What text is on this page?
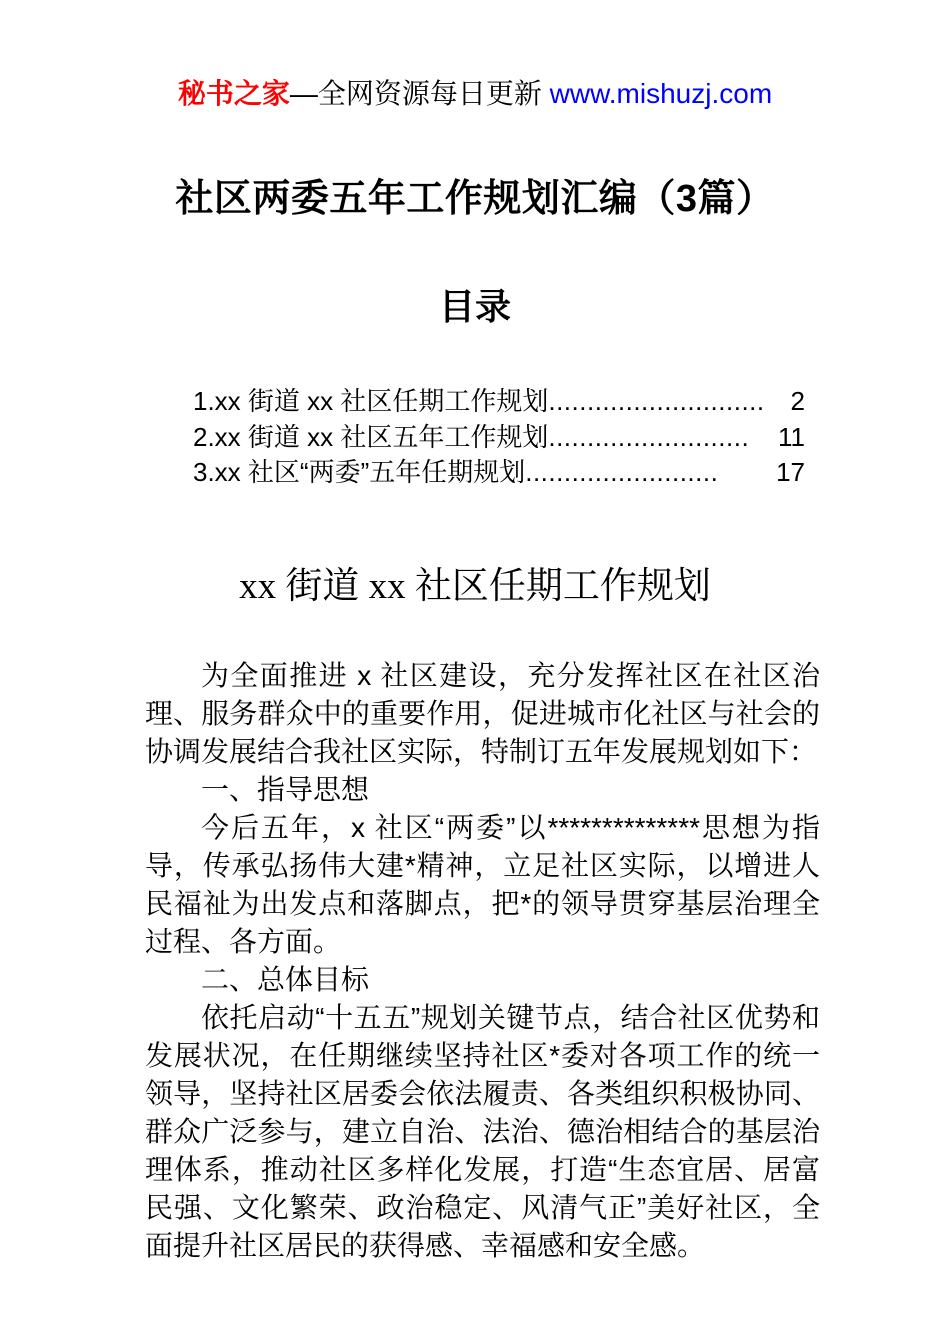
秘书之家—全网资源每日更新 www.mishuzj.com
社区两委五年工作规划汇编（3篇）
目录
1.xx 街道 xx 社区任期工作规划 ............................ 2
2.xx 街道 xx 社区五年工作规划 ..........................	11
3.xx 社区“两委”五年任期规划 .........................	17
xx 街道 xx 社区任期工作规划

为全面推进 x 社区建设，充分发挥社区在社区治理、服务群众中的重要作用，促进城市化社区与社会的协调发展结合我社区实际，特制订五年发展规划如下：

一、指导思想

今后五年，x 社区“两委”以**************思想为指导，传承弘扬伟大建*精神，立足社区实际，以增进人民福祉为出发点和落脚点，把*的领导贯穿基层治理全过程、各方面。

二、总体目标

依托启动“十五五”规划关键节点，结合社区优势和发展状况，在任期继续坚持社区*委对各项工作的统一领导，坚持社区居委会依法履责、各类组织积极协同、群众广泛参与，建立自治、法治、德治相结合的基层治理体系，推动社区多样化发展，打造“生态宜居、居富民强、文化繁荣、政治稳定、风清气正”美好社区，全面提升社区居民的获得感、幸福感和安全感。
